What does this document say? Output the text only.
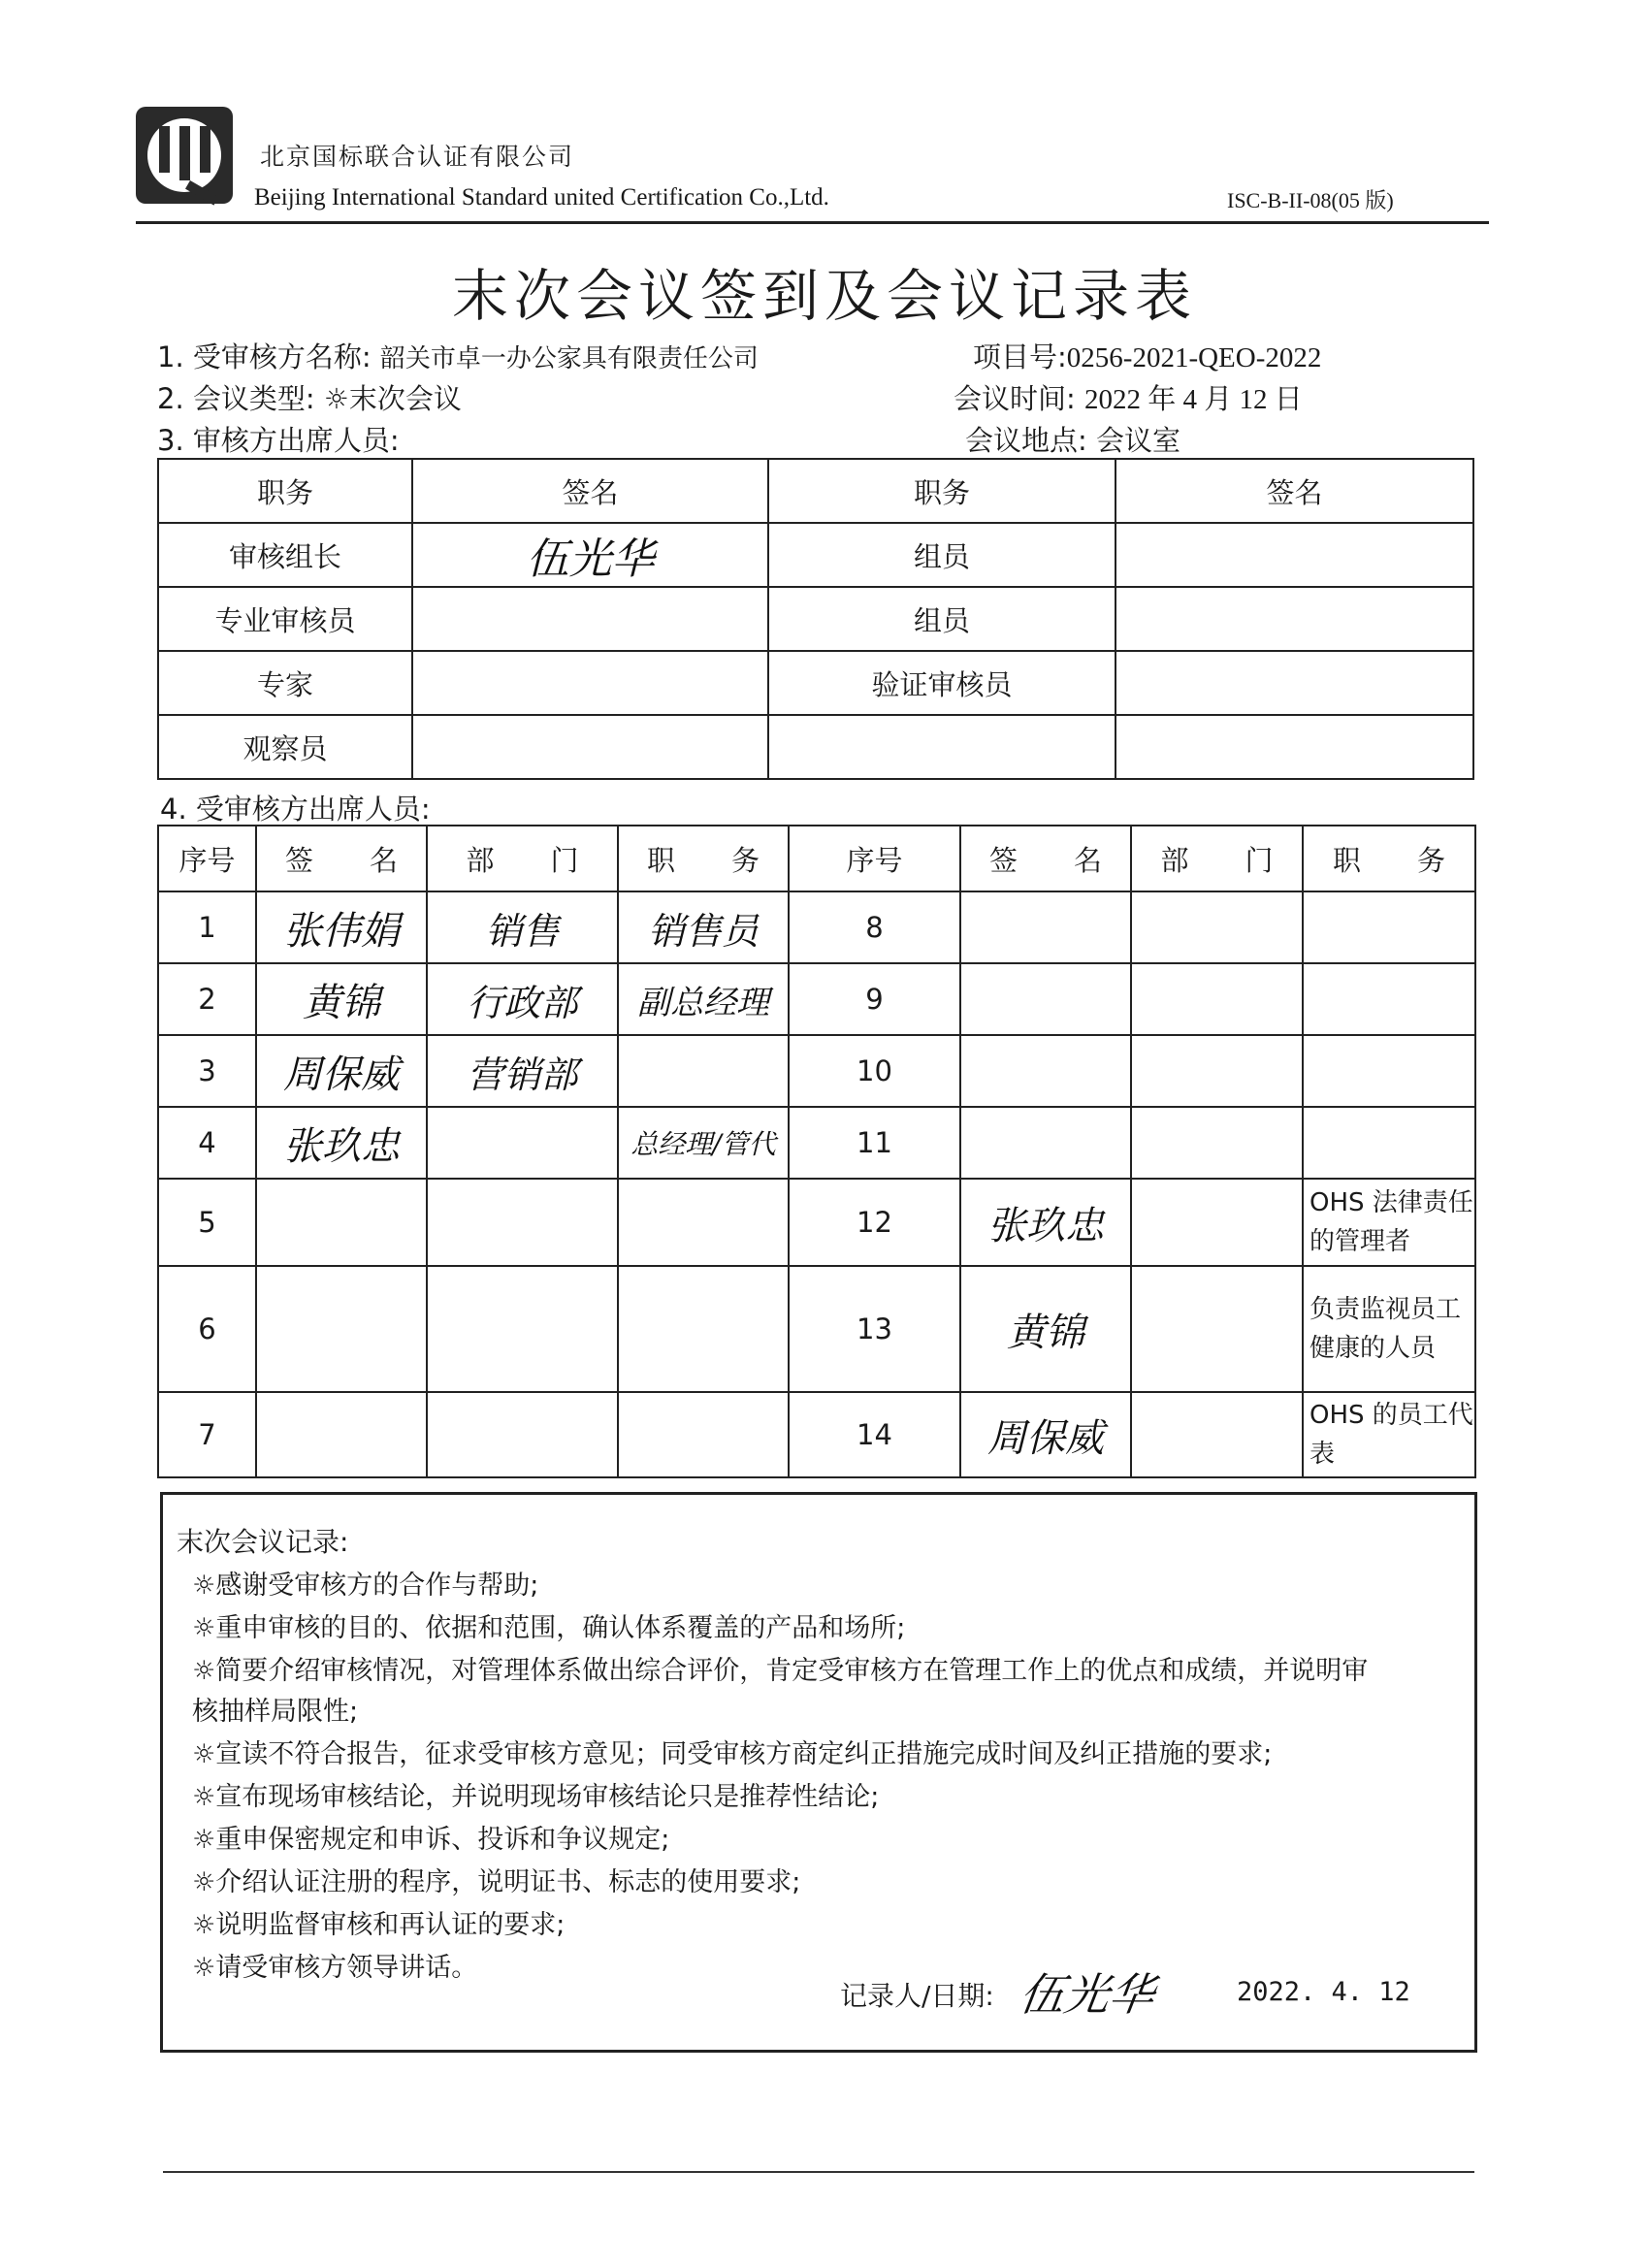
北京国标联合认证有限公司
Beijing International Standard united Certification Co.,Ltd.	ISC-B-II-08(05 版)
末次会议签到及会议记录表
1. 受审核方名称: 韶关市卓一办公家具有限责任公司	项目号:0256-2021-QEO-2022
2. 会议类型: ☼末次会议	会议时间: 2022 年 4 月 12 日
3. 审核方出席人员:	会议地点: 会议室
职务	签名	职务	签名
审核组长	伍光华	组员	
专业审核员		组员	
专家		验证审核员	
观察员			
4. 受审核方出席人员:
序号	签　　名	部　　门	职　　务	序号	签　　名	部　　门	职　　务
1	张伟娟	销售	销售员	8			
2	黄锦	行政部	副总经理	9			
3	周保威	营销部		10			
4	张玖忠		总经理/管代	11			
5				12	张玖忠		OHS 法律责任的管理者
6				13	黄锦		负责监视员工健康的人员
7				14	周保威		OHS 的员工代表
末次会议记录:
☼感谢受审核方的合作与帮助;
☼重申审核的目的、依据和范围，确认体系覆盖的产品和场所;
☼简要介绍审核情况，对管理体系做出综合评价，肯定受审核方在管理工作上的优点和成绩，并说明审
核抽样局限性;
☼宣读不符合报告，征求受审核方意见；同受审核方商定纠正措施完成时间及纠正措施的要求;
☼宣布现场审核结论，并说明现场审核结论只是推荐性结论;
☼重申保密规定和申诉、投诉和争议规定;
☼介绍认证注册的程序，说明证书、标志的使用要求;
☼说明监督审核和再认证的要求;
☼请受审核方领导讲话。
记录人/日期: 伍光华	2022. 4. 12
